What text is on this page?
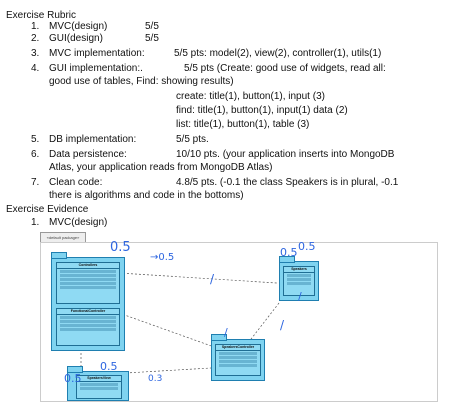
Exercise Rubric
1. MVC(design)	5/5
2. GUI(design)	5/5
3. MVC implementation:	5/5 pts: model(2), view(2), controller(1), utils(1)
4. GUI implementation:.	5/5 pts (Create: good use of widgets, read all:
good use of tables, Find: showing results)
create: title(1), button(1), input (3)
find: title(1), button(1), input(1) data (2)
list: title(1), button(1), table (3)
5. DB implementation:	5/5 pts.
6. Data persistence:	10/10 pts. (your application inserts into MongoDB
Atlas, your application reads from MongoDB Atlas)
7. Clean code:	4.8/5 pts. (-0.1 the class Speakers is in plural, -0.1
there is algorithms and code in the bottoms)
Exercise Evidence
1. MVC(design)
«default package»
Controllers
FunctionalController
Speakers
SpeakersController
SpeakersView
0.5
→0.5	0.5 0.5
0.5
0.5	0.3
/
/
/
/
